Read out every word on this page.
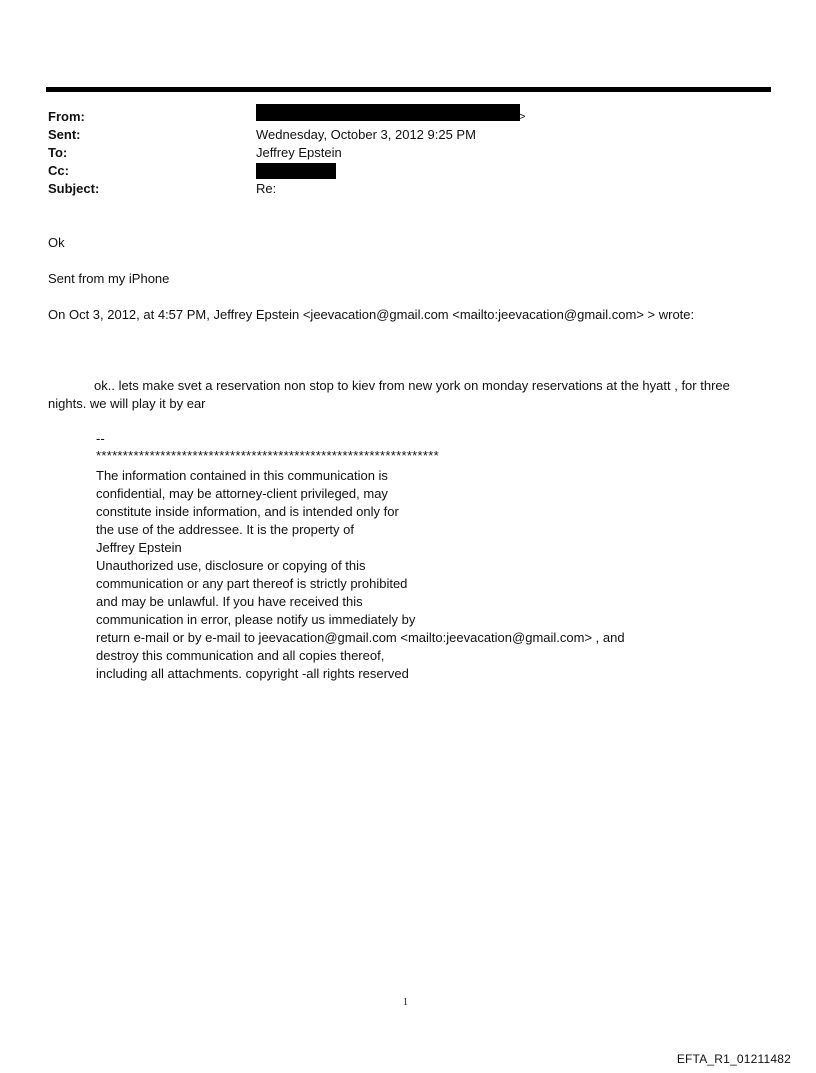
From:	>
Sent:	Wednesday, October 3, 2012 9:25 PM
To:	Jeffrey Epstein
Cc:
Subject:	Re:
Ok
Sent from my iPhone
On Oct 3, 2012, at 4:57 PM, Jeffrey Epstein <jeevacation@gmail.com <mailto:jeevacation@gmail.com> > wrote:
ok.. lets make svet a reservation non stop to kiev from new york on monday reservations at the hyatt , for three nights. we will play it by ear
--
****************************************************************
The information contained in this communication is
confidential, may be attorney-client privileged, may
constitute inside information, and is intended only for
the use of the addressee. It is the property of
Jeffrey Epstein
Unauthorized use, disclosure or copying of this
communication or any part thereof is strictly prohibited
and may be unlawful. If you have received this
communication in error, please notify us immediately by
return e-mail or by e-mail to jeevacation@gmail.com <mailto:jeevacation@gmail.com> , and
destroy this communication and all copies thereof,
including all attachments. copyright -all rights reserved
1
EFTA_R1_01211482
